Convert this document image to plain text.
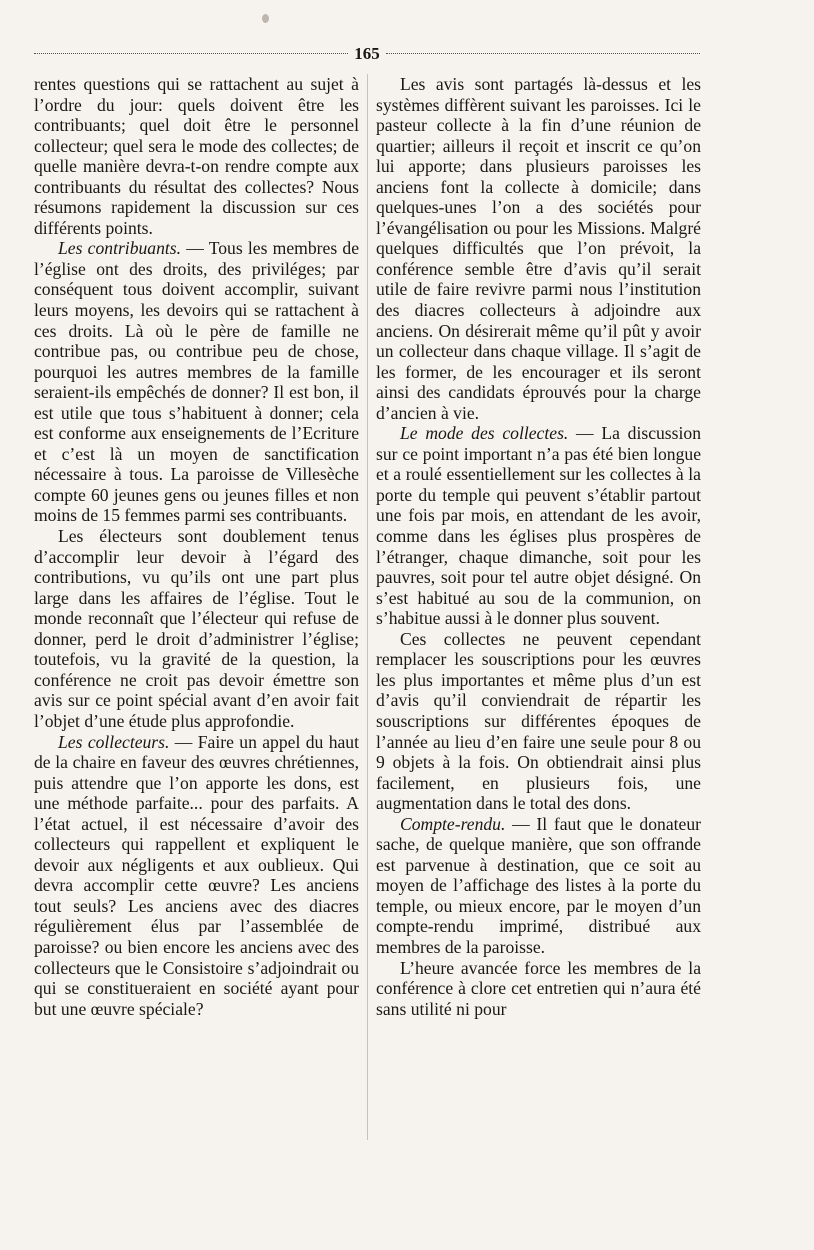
165

rentes questions qui se rattachent au sujet à l’ordre du jour: quels doivent être les contribuants; quel doit être le personnel collecteur; quel sera le mode des collectes; de quelle manière devra-t-on rendre compte aux contribuants du résultat des collectes? Nous résumons rapidement la discussion sur ces différents points.

Les contribuants. — Tous les membres de l’église ont des droits, des priviléges; par conséquent tous doivent accomplir, suivant leurs moyens, les devoirs qui se rattachent à ces droits. Là où le père de famille ne contribue pas, ou contribue peu de chose, pourquoi les autres membres de la famille seraient-ils empêchés de donner? Il est bon, il est utile que tous s’habituent à donner; cela est conforme aux enseignements de l’Ecriture et c’est là un moyen de sanctification nécessaire à tous. La paroisse de Villesèche compte 60 jeunes gens ou jeunes filles et non moins de 15 femmes parmi ses contribuants.

Les électeurs sont doublement tenus d’accomplir leur devoir à l’égard des contributions, vu qu’ils ont une part plus large dans les affaires de l’église. Tout le monde reconnaît que l’électeur qui refuse de donner, perd le droit d’administrer l’église; toutefois, vu la gravité de la question, la conférence ne croit pas devoir émettre son avis sur ce point spécial avant d’en avoir fait l’objet d’une étude plus approfondie.

Les collecteurs. — Faire un appel du haut de la chaire en faveur des œuvres chrétiennes, puis attendre que l’on apporte les dons, est une méthode parfaite... pour des parfaits. A l’état actuel, il est nécessaire d’avoir des collecteurs qui rappellent et expliquent le devoir aux négligents et aux oublieux. Qui devra accomplir cette œuvre? Les anciens tout seuls? Les anciens avec des diacres régulièrement élus par l’assemblée de paroisse? ou bien encore les anciens avec des collecteurs que le Consistoire s’adjoindrait ou qui se constitueraient en société ayant pour but une œuvre spéciale?

Les avis sont partagés là-dessus et les systèmes diffèrent suivant les paroisses. Ici le pasteur collecte à la fin d’une réunion de quartier; ailleurs il reçoit et inscrit ce qu’on lui apporte; dans plusieurs paroisses les anciens font la collecte à domicile; dans quelques-unes l’on a des sociétés pour l’évangélisation ou pour les Missions. Malgré quelques difficultés que l’on prévoit, la conférence semble être d’avis qu’il serait utile de faire revivre parmi nous l’institution des diacres collecteurs à adjoindre aux anciens. On désirerait même qu’il pût y avoir un collecteur dans chaque village. Il s’agit de les former, de les encourager et ils seront ainsi des candidats éprouvés pour la charge d’ancien à vie.

Le mode des collectes. — La discussion sur ce point important n’a pas été bien longue et a roulé essentiellement sur les collectes à la porte du temple qui peuvent s’établir partout une fois par mois, en attendant de les avoir, comme dans les églises plus prospères de l’étranger, chaque dimanche, soit pour les pauvres, soit pour tel autre objet désigné. On s’est habitué au sou de la communion, on s’habitue aussi à le donner plus souvent.

Ces collectes ne peuvent cependant remplacer les souscriptions pour les œuvres les plus importantes et même plus d’un est d’avis qu’il conviendrait de répartir les souscriptions sur différentes époques de l’année au lieu d’en faire une seule pour 8 ou 9 objets à la fois. On obtiendrait ainsi plus facilement, en plusieurs fois, une augmentation dans le total des dons.

Compte-rendu. — Il faut que le donateur sache, de quelque manière, que son offrande est parvenue à destination, que ce soit au moyen de l’affichage des listes à la porte du temple, ou mieux encore, par le moyen d’un compte-rendu imprimé, distribué aux membres de la paroisse.

L’heure avancée force les membres de la conférence à clore cet entretien qui n’aura été sans utilité ni pour
